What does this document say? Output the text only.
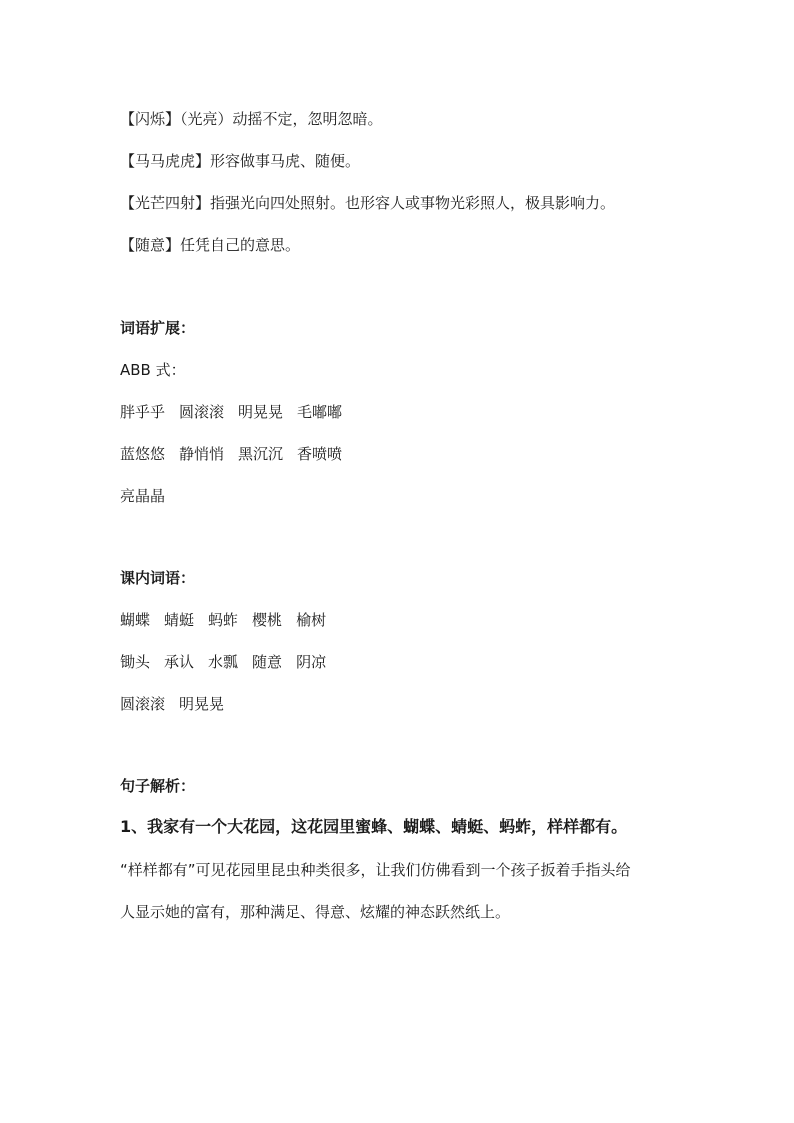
【闪烁】（光亮）动摇不定，忽明忽暗。
【马马虎虎】形容做事马虎、随便。
【光芒四射】指强光向四处照射。也形容人或事物光彩照人，极具影响力。
【随意】任凭自己的意思。
词语扩展：
ABB 式：
胖乎乎 圆滚滚 明晃晃 毛嘟嘟
蓝悠悠 静悄悄 黑沉沉 香喷喷
亮晶晶
课内词语：
蝴蝶 蜻蜓 蚂蚱 樱桃 榆树
锄头 承认 水瓢 随意 阴凉
圆滚滚 明晃晃
句子解析：
1、我家有一个大花园，这花园里蜜蜂、蝴蝶、蜻蜓、蚂蚱，样样都有。
“样样都有”可见花园里昆虫种类很多，让我们仿佛看到一个孩子扳着手指头给
人显示她的富有，那种满足、得意、炫耀的神态跃然纸上。
